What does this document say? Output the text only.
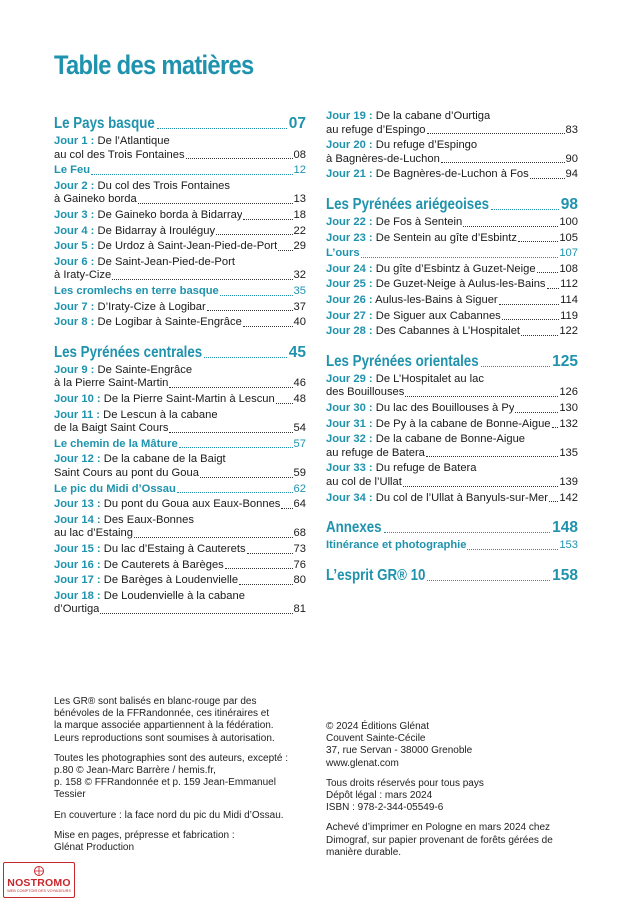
Table des matières
Le Pays basque	07
Jour 1 : De l’Atlantique
au col des Trois Fontaines	08
Le Feu	12
Jour 2 : Du col des Trois Fontaines
à Gaineko borda	13
Jour 3 : De Gaineko borda à Bidarray	18
Jour 4 : De Bidarray à Irouléguy	22
Jour 5 : De Urdoz à Saint-Jean-Pied-de-Port 29
Jour 6 : De Saint-Jean-Pied-de-Port
à Iraty-Cize	32
Les cromlechs en terre basque	35
Jour 7 : D’Iraty-Cize à Logibar	37
Jour 8 : De Logibar à Sainte-Engrâce	40
Les Pyrénées centrales	45
Jour 9 : De Sainte-Engrâce
à la Pierre Saint-Martin	46
Jour 10 : De la Pierre Saint-Martin à Lescun 48
Jour 11 : De Lescun à la cabane
de la Baigt Saint Cours	54
Le chemin de la Mâture	57
Jour 12 : De la cabane de la Baigt
Saint Cours au pont du Goua	59
Le pic du Midi d’Ossau	62
Jour 13 : Du pont du Goua aux Eaux-Bonnes 64
Jour 14 : Des Eaux-Bonnes
au lac d’Estaing	68
Jour 15 : Du lac d’Estaing à Cauterets	73
Jour 16 : De Cauterets à Barèges	76
Jour 17 : De Barèges à Loudenvielle	80
Jour 18 : De Loudenvielle à la cabane
d’Ourtiga	81
Jour 19 : De la cabane d’Ourtiga
au refuge d’Espingo	83
Jour 20 : Du refuge d’Espingo
à Bagnères-de-Luchon	90
Jour 21 : De Bagnères-de-Luchon à Fos	94
Les Pyrénées ariégeoises	98
Jour 22 : De Fos à Sentein	100
Jour 23 : De Sentein au gîte d’Esbintz	105
L’ours	107
Jour 24 : Du gîte d’Esbintz à Guzet-Neige 108
Jour 25 : De Guzet-Neige à Aulus-les-Bains 112
Jour 26 : Aulus-les-Bains à Siguer	114
Jour 27 : De Siguer aux Cabannes	119
Jour 28 : Des Cabannes à L’Hospitalet	122
Les Pyrénées orientales	125
Jour 29 : De L’Hospitalet au lac
des Bouillouses	126
Jour 30 : Du lac des Bouillouses à Py	130
Jour 31 : De Py à la cabane de Bonne-Aigue 132
Jour 32 : De la cabane de Bonne-Aigue
au refuge de Batera	135
Jour 33 : Du refuge de Batera
au col de l’Ullat	139
Jour 34 : Du col de l’Ullat à Banyuls-sur-Mer 142
Annexes	148
Itinérance et photographie	153
L’esprit GR® 10	158

Les GR® sont balisés en blanc-rouge par des
bénévoles de la FFRandonnée, ces itinéraires et
la marque associée appartiennent à la fédération.
Leurs reproductions sont soumises à autorisation.

Toutes les photographies sont des auteurs, excepté :
p.80 © Jean-Marc Barrère / hemis.fr,
p. 158 © FFRandonnée et p. 159 Jean-Emmanuel
Tessier

En couverture : la face nord du pic du Midi d’Ossau.

Mise en pages, prépresse et fabrication :
Glénat Production

© 2024 Éditions Glénat
Couvent Sainte-Cécile
37, rue Servan - 38000 Grenoble
www.glenat.com

Tous droits réservés pour tous pays
Dépôt légal : mars 2024
ISBN : 978-2-344-05549-6

Achevé d’imprimer en Pologne en mars 2024 chez
Dimograf, sur papier provenant de forêts gérées de
manière durable.

NOSTROMO
WEB COMPTOIR DES VOYAGEURS
